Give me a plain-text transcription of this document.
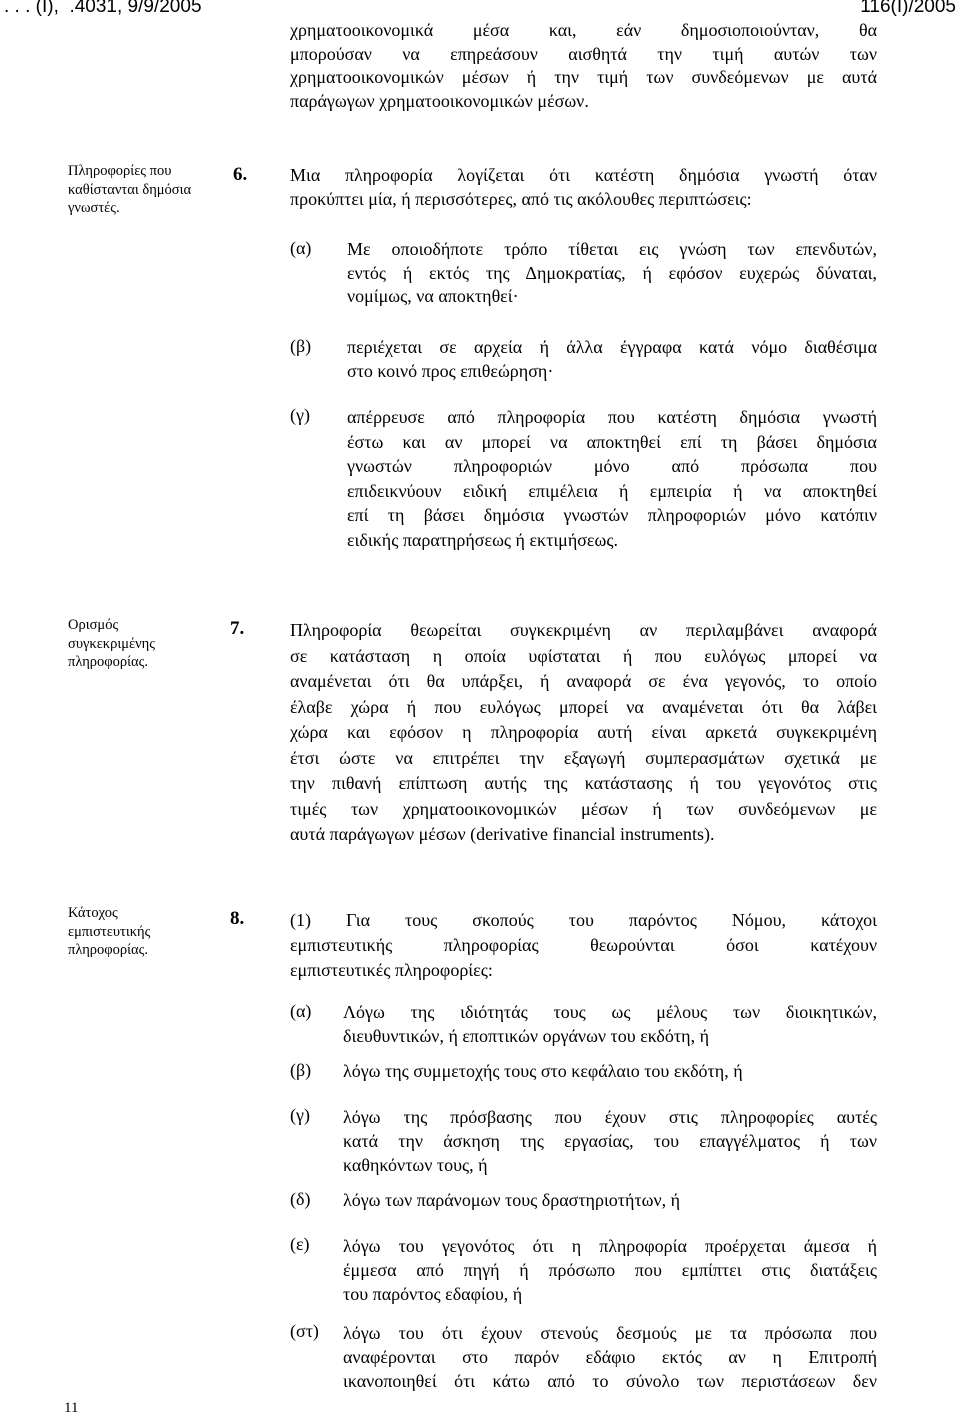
. . . (Ι),  .4031, 9/9/2005	116(Ι)/2005
χρηματοοικονομικά μέσα και, εάν δημοσιοποιούνταν, θα
μπορούσαν να επηρεάσουν αισθητά την τιμή αυτών των
χρηματοοικονομικών μέσων ή την τιμή των συνδεόμενων με αυτά
παράγωγων χρηματοοικονομικών μέσων.
Πληροφορίες που καθίστανται δημόσια γνωστές.
6. Μια πληροφορία λογίζεται ότι κατέστη δημόσια γνωστή όταν
προκύπτει μία, ή περισσότερες, από τις ακόλουθες περιπτώσεις:
(α) Με οποιοδήποτε τρόπο τίθεται εις γνώση των επενδυτών,
εντός ή εκτός της Δημοκρατίας, ή εφόσον ευχερώς δύναται,
νομίμως, να αποκτηθεί·
(β) περιέχεται σε αρχεία ή άλλα έγγραφα κατά νόμο διαθέσιμα
στο κοινό προς επιθεώρηση·
(γ) απέρρευσε από πληροφορία που κατέστη δημόσια γνωστή
έστω και αν μπορεί να αποκτηθεί επί τη βάσει δημόσια
γνωστών πληροφοριών μόνο από πρόσωπα που
επιδεικνύουν ειδική επιμέλεια ή εμπειρία ή να αποκτηθεί
επί τη βάσει δημόσια γνωστών πληροφοριών μόνο κατόπιν
ειδικής παρατηρήσεως ή εκτιμήσεως.
Ορισμός συγκεκριμένης πληροφορίας.
7.	Πληροφορία θεωρείται συγκεκριμένη αν περιλαμβάνει αναφορά
σε κατάσταση η οποία υφίσταται ή που ευλόγως μπορεί να
αναμένεται ότι θα υπάρξει, ή αναφορά σε ένα γεγονός, το οποίο
έλαβε χώρα ή που ευλόγως μπορεί να αναμένεται ότι θα λάβει
χώρα και εφόσον η πληροφορία αυτή είναι αρκετά συγκεκριμένη
έτσι ώστε να επιτρέπει την εξαγωγή συμπερασμάτων σχετικά με
την πιθανή επίπτωση αυτής της κατάστασης ή του γεγονότος στις
τιμές των χρηματοοικονομικών μέσων ή των συνδεόμενων με
αυτά παράγωγων μέσων (derivative financial instruments).
Κάτοχος εμπιστευτικής πληροφορίας.
8.	(1) Για τους σκοπούς του παρόντος Νόμου, κάτοχοι
εμπιστευτικής πληροφορίας θεωρούνται όσοι κατέχουν
εμπιστευτικές πληροφορίες:
(α) Λόγω της ιδιότητάς τους ως μέλους των διοικητικών,
διευθυντικών, ή εποπτικών οργάνων του εκδότη, ή
(β) λόγω της συμμετοχής τους στο κεφάλαιο του εκδότη, ή
(γ) λόγω της πρόσβασης που έχουν στις πληροφορίες αυτές
κατά την άσκηση της εργασίας, του επαγγέλματος ή των
καθηκόντων τους, ή
(δ) λόγω των παράνομων τους δραστηριοτήτων, ή
(ε) λόγω του γεγονότος ότι η πληροφορία προέρχεται άμεσα ή
έμμεσα από πηγή ή πρόσωπο που εμπίπτει στις διατάξεις
του παρόντος εδαφίου, ή
(στ) λόγω του ότι έχουν στενούς δεσμούς με τα πρόσωπα που
αναφέρονται στο παρόν εδάφιο εκτός αν η Επιτροπή
ικανοποιηθεί ότι κάτω από το σύνολο των περιστάσεων δεν
11
